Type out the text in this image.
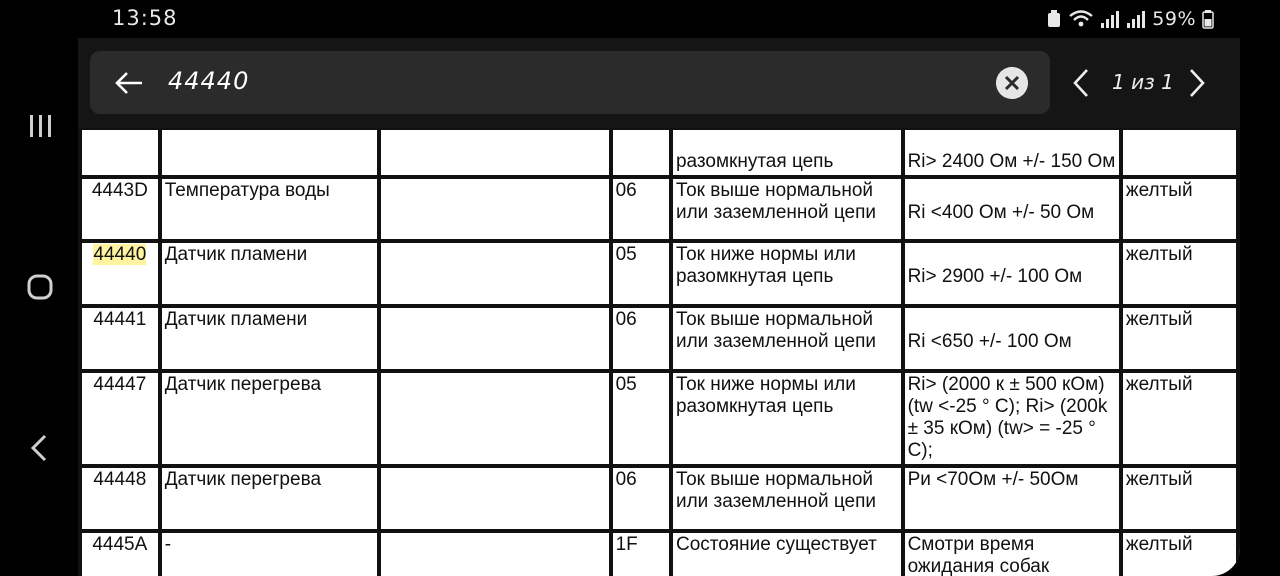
13:58	59%
44440	1 из 1
				разомкнутая цепь	Ri> 2400 Ом +/- 150 Ом	
4443D	Температура воды		06	Ток выше нормальной или заземленной цепи	Ri <400 Ом +/- 50 Ом	желтый
44440	Датчик пламени		05	Ток ниже нормы или разомкнутая цепь	Ri> 2900 +/- 100 Ом	желтый
44441	Датчик пламени		06	Ток выше нормальной или заземленной цепи	Ri <650 +/- 100 Ом	желтый
44447	Датчик перегрева		05	Ток ниже нормы или разомкнутая цепь	Ri> (2000 к ± 500 кОм) (tw <-25 ° C); Ri> (200k ± 35 кОм) (tw> = -25 ° C);	желтый
44448	Датчик перегрева		06	Ток выше нормальной или заземленной цепи	Ри <70Ом +/- 50Ом	желтый
4445A	-		1F	Состояние существует	Смотри время ожидания собак	желтый
